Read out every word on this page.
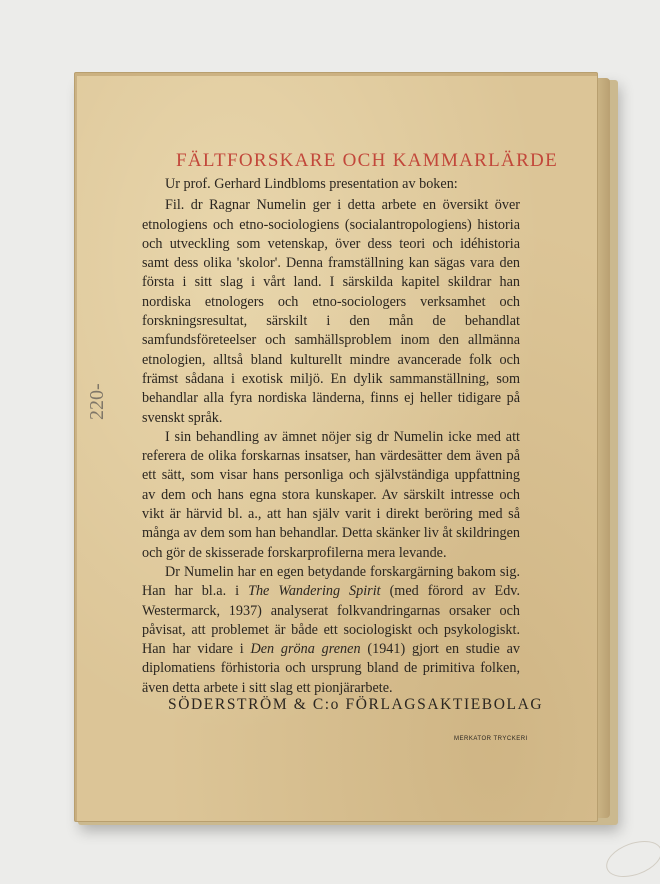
220-
FÄLTFORSKARE OCH KAMMARLÄRDE

Ur prof. Gerhard Lindbloms presentation av boken:

Fil. dr Ragnar Numelin ger i detta arbete en översikt över etnologiens och etno-sociologiens (socialantropologiens) historia och utveckling som vetenskap, över dess teori och idéhistoria samt dess olika 'skolor'. Denna framställning kan sägas vara den första i sitt slag i vårt land. I särskilda kapitel skildrar han nordiska etnologers och etno-sociologers verksamhet och forskningsresultat, särskilt i den mån de behandlat samfundsföreteelser och samhällsproblem inom den allmänna etnologien, alltså bland kulturellt mindre avancerade folk och främst sådana i exotisk miljö. En dylik sammanställning, som behandlar alla fyra nordiska länderna, finns ej heller tidigare på svenskt språk.

I sin behandling av ämnet nöjer sig dr Numelin icke med att referera de olika forskarnas insatser, han värdesätter dem även på ett sätt, som visar hans personliga och självständiga uppfattning av dem och hans egna stora kunskaper. Av särskilt intresse och vikt är härvid bl. a., att han själv varit i direkt beröring med så många av dem som han behandlar. Detta skänker liv åt skildringen och gör de skisserade forskarprofilerna mera levande.

Dr Numelin har en egen betydande forskargärning bakom sig. Han har bl.a. i The Wandering Spirit (med förord av Edv. Westermarck, 1937) analyserat folkvandringarnas orsaker och påvisat, att problemet är både ett sociologiskt och psykologiskt. Han har vidare i Den gröna grenen (1941) gjort en studie av diplomatiens förhistoria och ursprung bland de primitiva folken, även detta arbete i sitt slag ett pionjärarbete.

SÖDERSTRÖM & C:o FÖRLAGSAKTIEBOLAG
MERKATOR TRYCKERI
